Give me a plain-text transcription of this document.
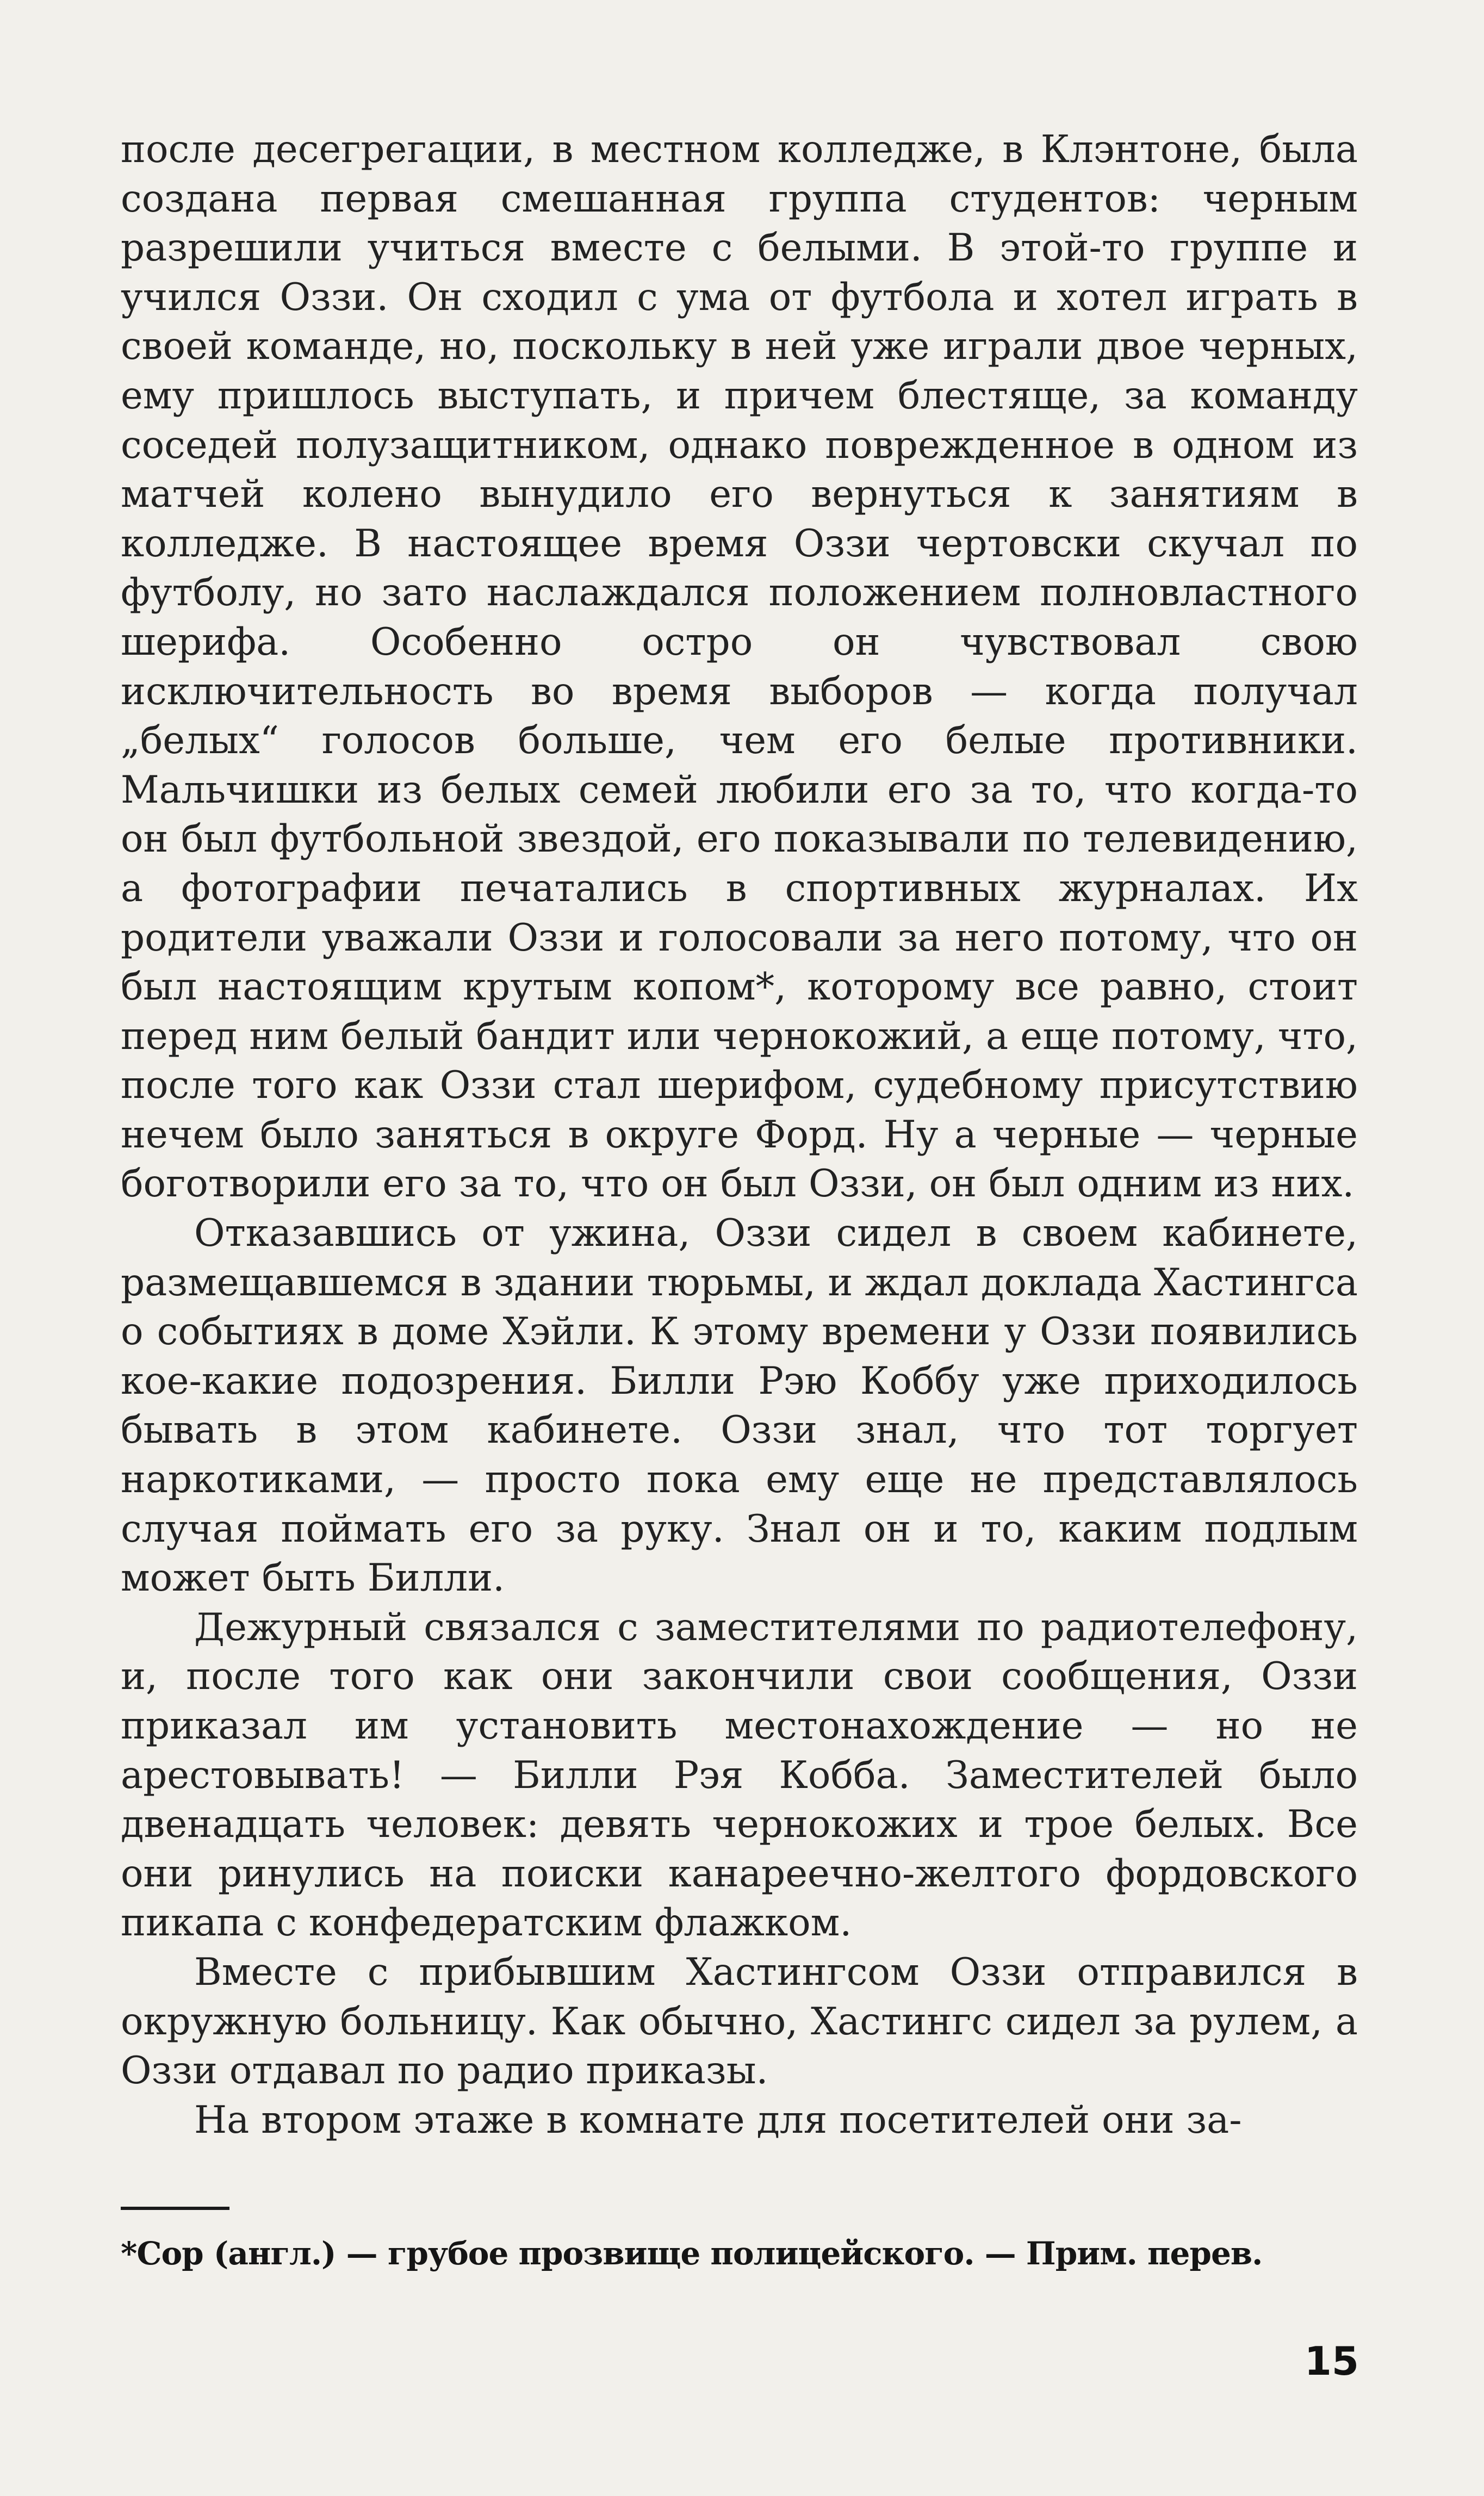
после десегрегации, в местном колледже, в Клэнтоне, была создана первая смешанная группа студентов: черным разрешили учиться вместе с белыми. В этой-то группе и учился Оззи. Он сходил с ума от футбола и хотел играть в своей команде, но, поскольку в ней уже играли двое черных, ему пришлось выступать, и причем блестяще, за команду соседей полузащитником, однако поврежденное в одном из матчей колено вынудило его вернуться к занятиям в колледже. В настоящее время Оззи чертовски скучал по футболу, но зато наслаждался положением полновластного шерифа. Особенно остро он чувствовал свою исключительность во время выборов — когда получал „белых“ голосов больше, чем его белые противники. Мальчишки из белых семей любили его за то, что когда-то он был футбольной звездой, его показывали по телевидению, а фотографии печатались в спортивных журналах. Их родители уважали Оззи и голосовали за него потому, что он был настоящим крутым копом*, которому все равно, стоит перед ним белый бандит или чернокожий, а еще потому, что, после того как Оззи стал шерифом, судебному присутствию нечем было заняться в округе Форд. Ну а черные — черные боготворили его за то, что он был Оззи, он был одним из них.

Отказавшись от ужина, Оззи сидел в своем кабинете, размещавшемся в здании тюрьмы, и ждал доклада Хастингса о событиях в доме Хэйли. К этому времени у Оззи появились кое-какие подозрения. Билли Рэю Коббу уже приходилось бывать в этом кабинете. Оззи знал, что тот торгует наркотиками, — просто пока ему еще не представлялось случая поймать его за руку. Знал он и то, каким подлым может быть Билли.

Дежурный связался с заместителями по радиотелефону, и, после того как они закончили свои сообщения, Оззи приказал им установить местонахождение — но не арестовывать! — Билли Рэя Кобба. Заместителей было двенадцать человек: девять чернокожих и трое белых. Все они ринулись на поиски канареечно-желтого фордовского пикапа с конфедератским флажком.

Вместе с прибывшим Хастингсом Оззи отправился в окружную больницу. Как обычно, Хастингс сидел за рулем, а Оззи отдавал по радио приказы.

На втором этаже в комнате для посетителей они за-

*Cop (англ.) — грубое прозвище полицейского. — Прим. перев.
15
